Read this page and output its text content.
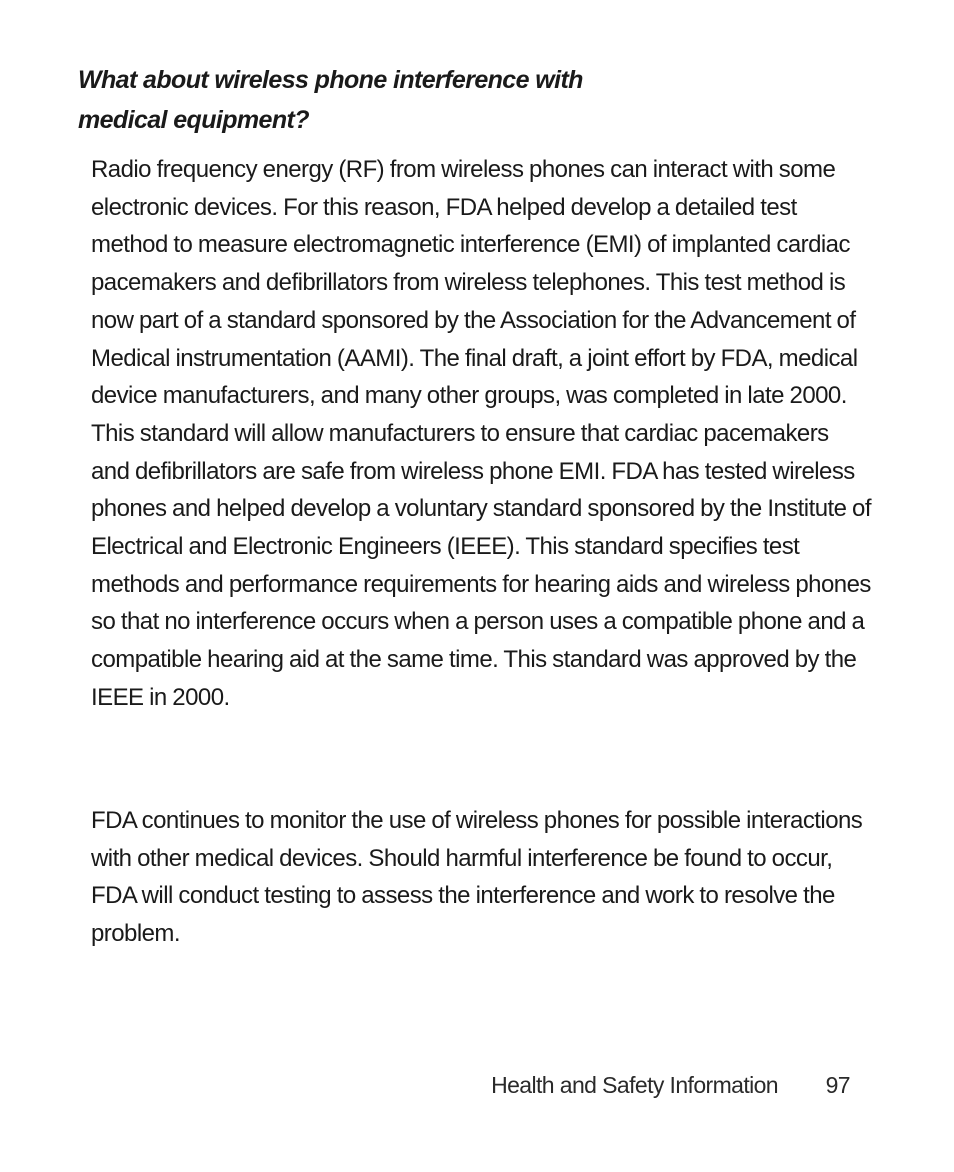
What about wireless phone interference with
medical equipment?

Radio frequency energy (RF) from wireless phones can interact with some electronic devices. For this reason, FDA helped develop a detailed test method to measure electromagnetic interference (EMI) of implanted cardiac pacemakers and defibrillators from wireless telephones. This test method is now part of a standard sponsored by the Association for the Advancement of Medical instrumentation (AAMI). The final draft, a joint effort by FDA, medical device manufacturers, and many other groups, was completed in late 2000. This standard will allow manufacturers to ensure that cardiac pacemakers and defibrillators are safe from wireless phone EMI. FDA has tested wireless phones and helped develop a voluntary standard sponsored by the Institute of Electrical and Electronic Engineers (IEEE). This standard specifies test methods and performance requirements for hearing aids and wireless phones so that no interference occurs when a person uses a compatible phone and a compatible hearing aid at the same time. This standard was approved by the IEEE in 2000.

FDA continues to monitor the use of wireless phones for possible interactions with other medical devices. Should harmful interference be found to occur, FDA will conduct testing to assess the interference and work to resolve the problem.

Health and Safety Information 97
